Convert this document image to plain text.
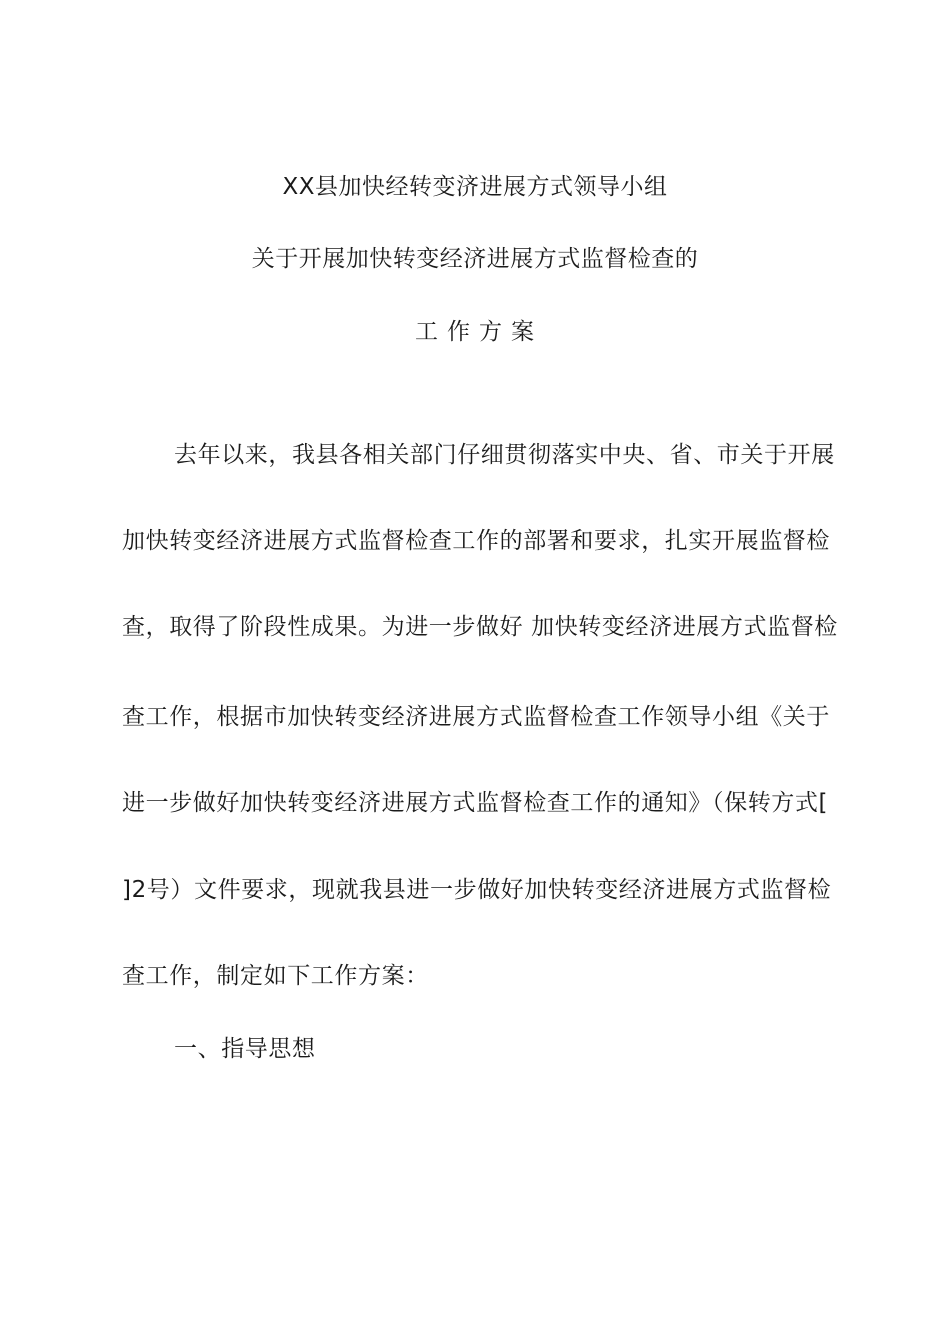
XX县加快经转变济进展方式领导小组
关于开展加快转变经济进展方式监督检查的
工作方案
去年以来，我县各相关部门仔细贯彻落实中央、省、市关于开展
加快转变经济进展方式监督检查工作的部署和要求，扎实开展监督检
查，取得了阶段性成果。为进一步做好 加快转变经济进展方式监督检
查工作，根据市加快转变经济进展方式监督检查工作领导小组《关于
进一步做好加快转变经济进展方式监督检查工作的通知》（保转方式[
]2号）文件要求，现就我县进一步做好加快转变经济进展方式监督检
查工作，制定如下工作方案：
一、指导思想
